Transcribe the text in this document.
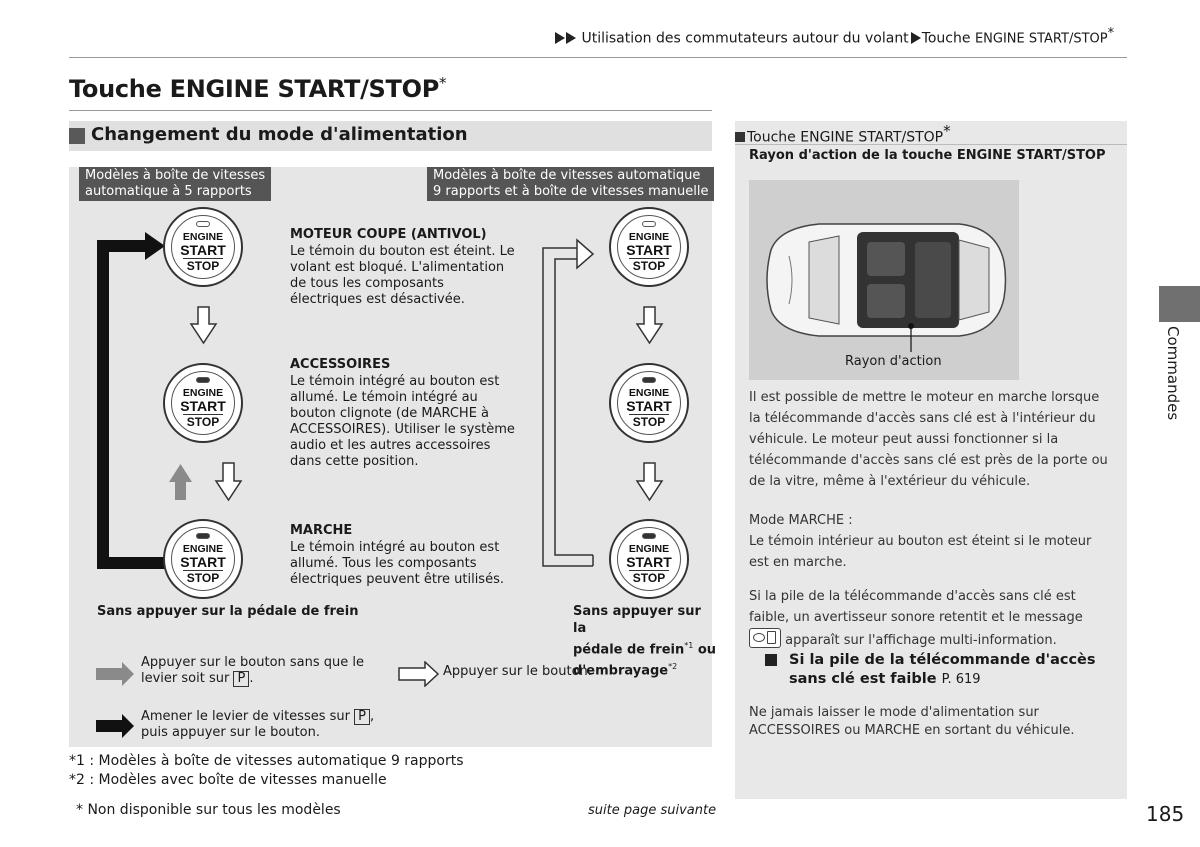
Utilisation des commutateurs autour du volant Touche ENGINE START/STOP*
Touche ENGINE START/STOP*
Changement du mode d'alimentation
Modèles à boîte de vitesses
automatique à 5 rapports
Modèles à boîte de vitesses automatique
9 rapports et à boîte de vitesses manuelle
ENGINE
START
STOP
ENGINE
START
STOP
ENGINE
START
STOP
ENGINE
START
STOP
ENGINE
START
STOP
ENGINE
START
STOP
MOTEUR COUPE (ANTIVOL)
Le témoin du bouton est éteint. Le volant est bloqué. L'alimentation de tous les composants électriques est désactivée.
ACCESSOIRES
Le témoin intégré au bouton est allumé. Le témoin intégré au bouton clignote (de MARCHE à ACCESSOIRES). Utiliser le système audio et les autres accessoires dans cette position.
MARCHE
Le témoin intégré au bouton est allumé. Tous les composants électriques peuvent être utilisés.
Sans appuyer sur la pédale de frein	Sans appuyer sur la
pédale de frein$^{*1}$ ou
d'embrayage$^{*2}$
Appuyer sur le bouton sans que le
levier soit sur P .	Appuyer sur le bouton.
Amener le levier de vitesses sur P ,
puis appuyer sur le bouton.
*1 : Modèles à boîte de vitesses automatique 9 rapports
*2 : Modèles avec boîte de vitesses manuelle
* Non disponible sur tous les modèles
Touche ENGINE START/STOP*
Rayon d'action de la touche ENGINE START/STOP
Rayon d'action
Il est possible de mettre le moteur en marche lorsque la télécommande d'accès sans clé est à l'intérieur du véhicule. Le moteur peut aussi fonctionner si la télécommande d'accès sans clé est près de la porte ou de la vitre, même à l'extérieur du véhicule.
Mode MARCHE :
Le témoin intérieur au bouton est éteint si le moteur est en marche.
Si la pile de la télécommande d'accès sans clé est faible, un avertisseur sonore retentit et le message
apparaît sur l'affichage multi-information.
Si la pile de la télécommande d'accès sans clé est faible P. 619
Ne jamais laisser le mode d'alimentation sur ACCESSOIRES ou MARCHE en sortant du véhicule.
Commandes
suite page suivante	185
